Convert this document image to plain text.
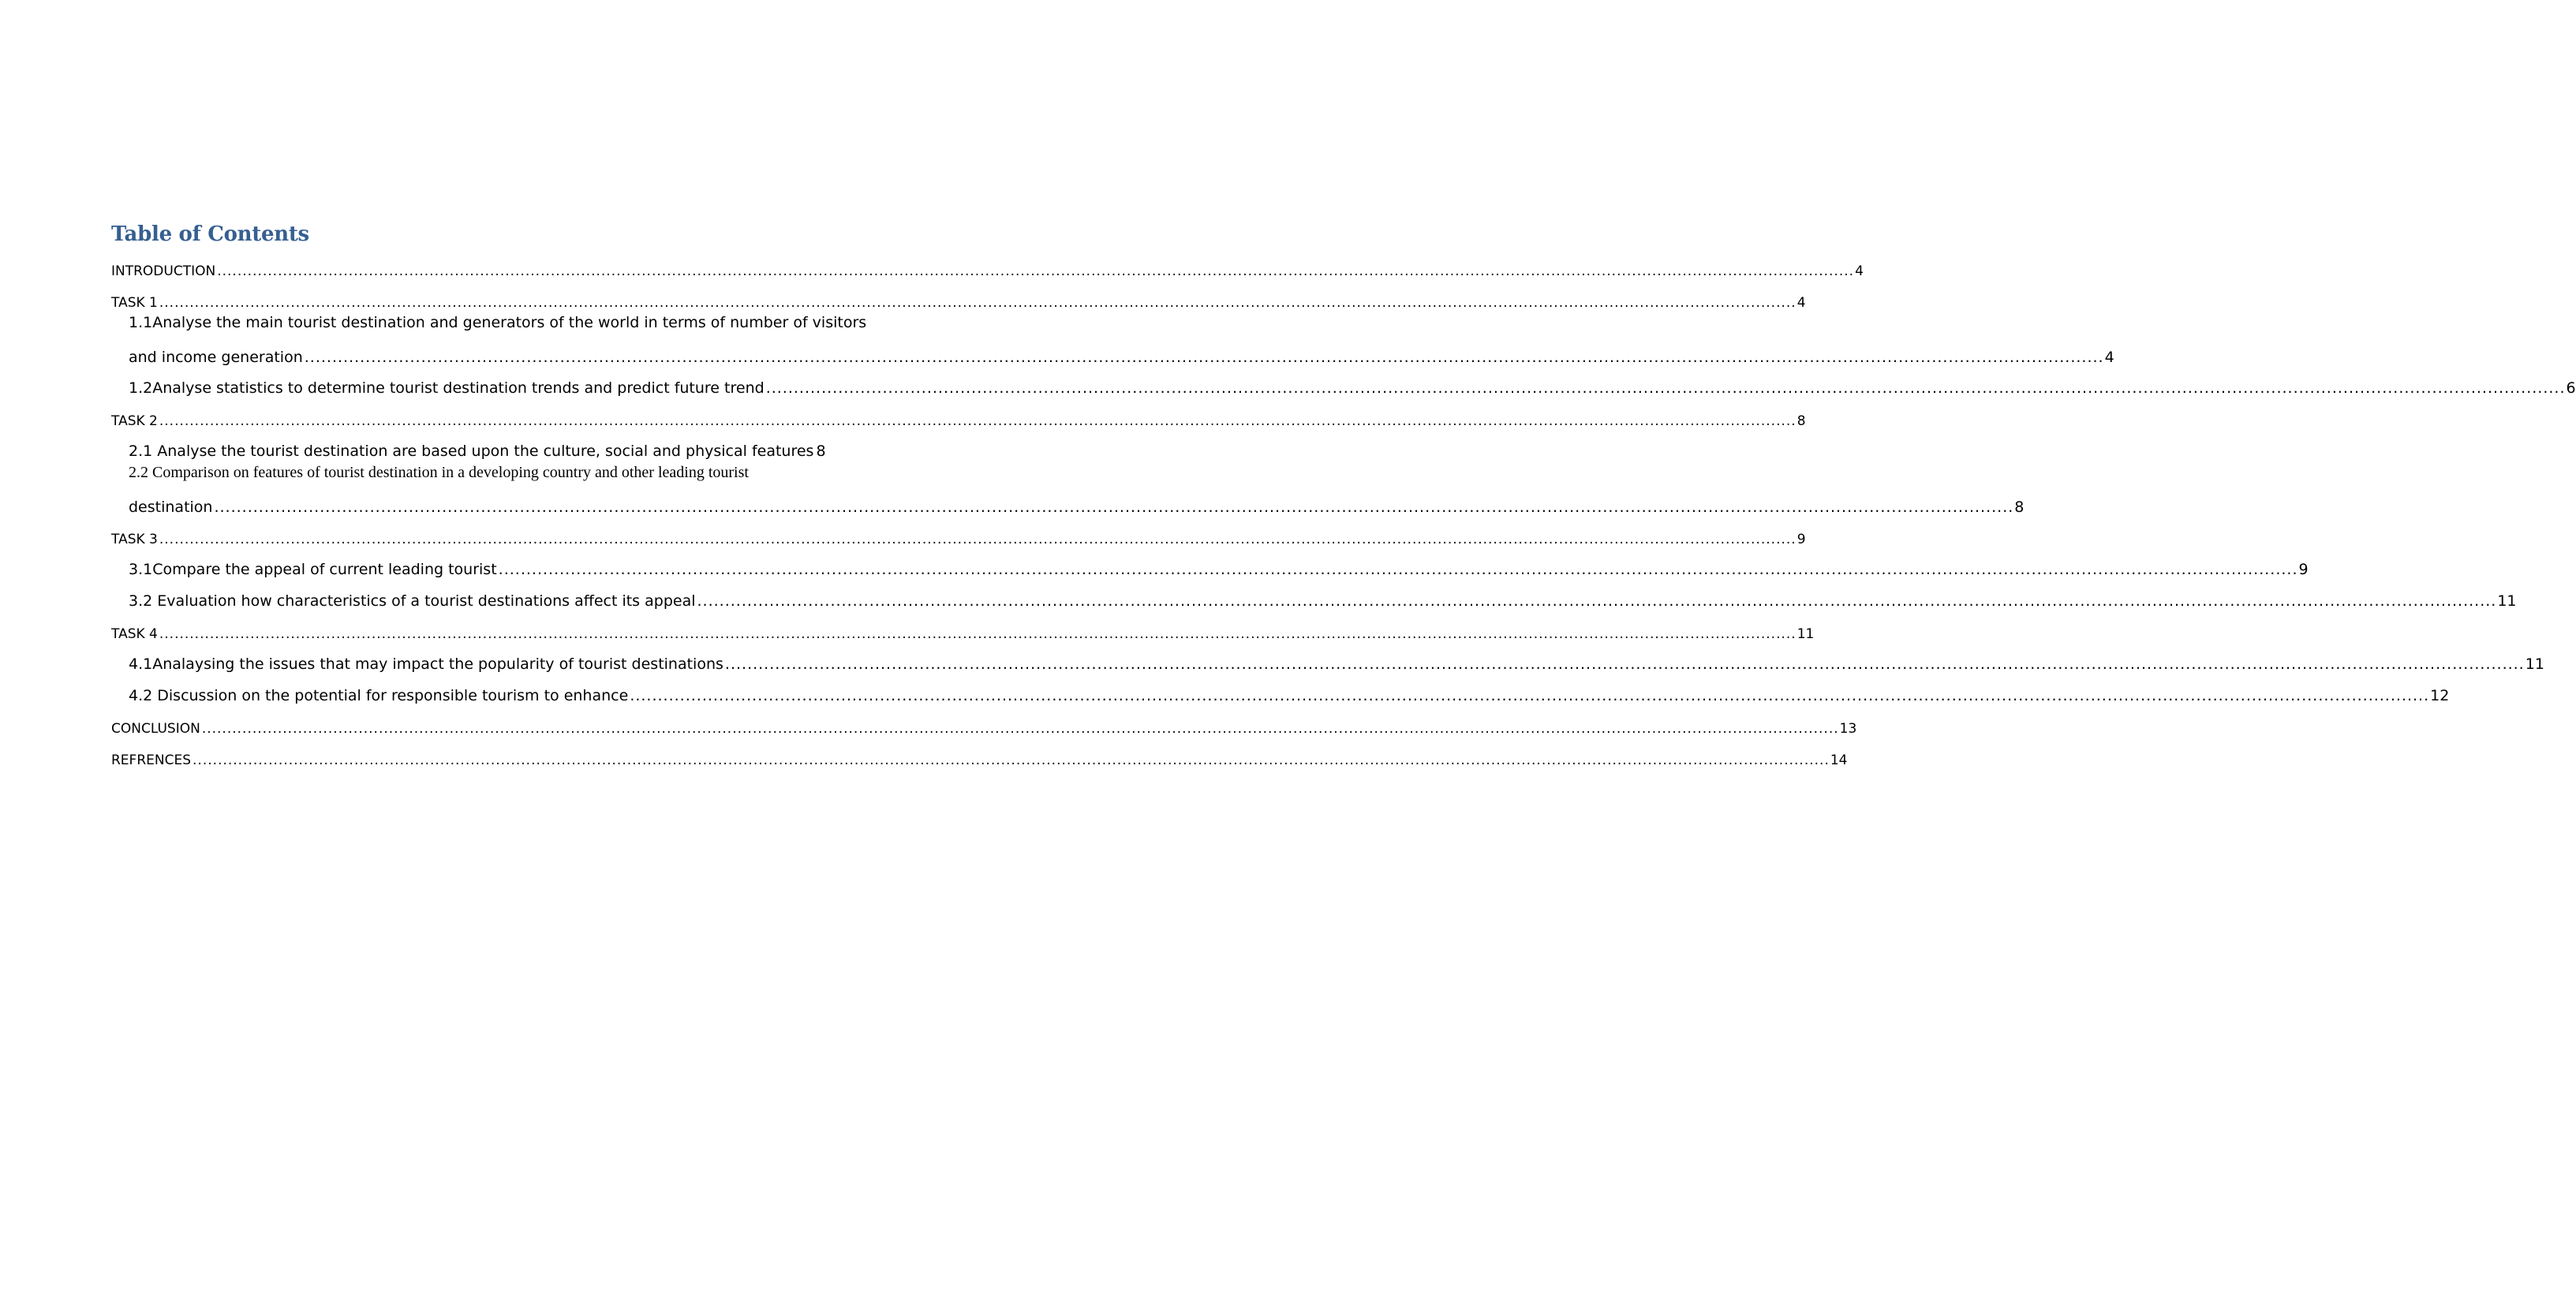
Table of Contents
INTRODUCTION .....	4
TASK 1 .....	4
1.1Analyse the main tourist destination and generators of the world in terms of number of visitors
and income generation .....	4
1.2Analyse statistics to determine tourist destination trends and predict future trend .....	6
TASK 2 .....	8
2.1 Analyse the tourist destination are based upon the culture, social and physical features 8
2.2 Comparison on features of tourist destination in a developing country and other leading tourist
destination .....	8
TASK 3 .....	9
3.1Compare the appeal of current leading tourist .....	9
3.2 Evaluation how characteristics of a tourist destinations affect its appeal .....	11
TASK 4 .....	11
4.1Analaysing the issues that may impact the popularity of tourist destinations .....	11
4.2 Discussion on the potential for responsible tourism to enhance .....	12
CONCLUSION .....	13
REFRENCES .....	14
